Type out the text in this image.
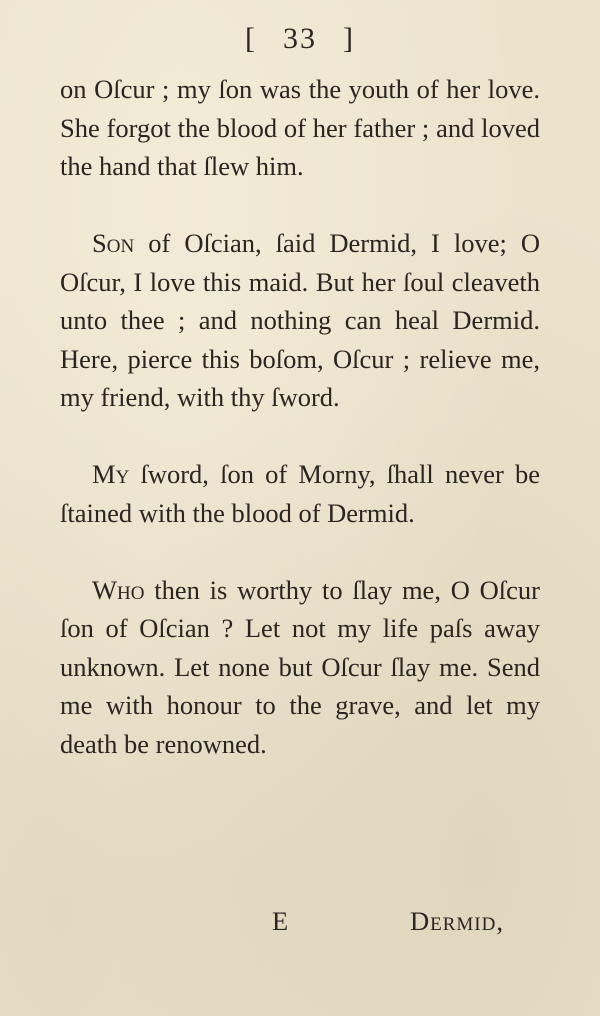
[ 33 ]

on Oſcur ; my ſon was the youth of her love. She forgot the blood of her father ; and loved the hand that ſlew him.

Son of Oſcian, ſaid Dermid, I love; O Oſcur, I love this maid. But her ſoul cleaveth unto thee ; and nothing can heal Dermid. Here, pierce this boſom, Oſcur ; relieve me, my friend, with thy ſword.

My ſword, ſon of Morny, ſhall never be ſtained with the blood of Dermid.

Who then is worthy to ſlay me, O Oſcur ſon of Oſcian ? Let not my life paſs away unknown. Let none but Oſcur ſlay me. Send me with honour to the grave, and let my death be renowned.

E	Dermid,
